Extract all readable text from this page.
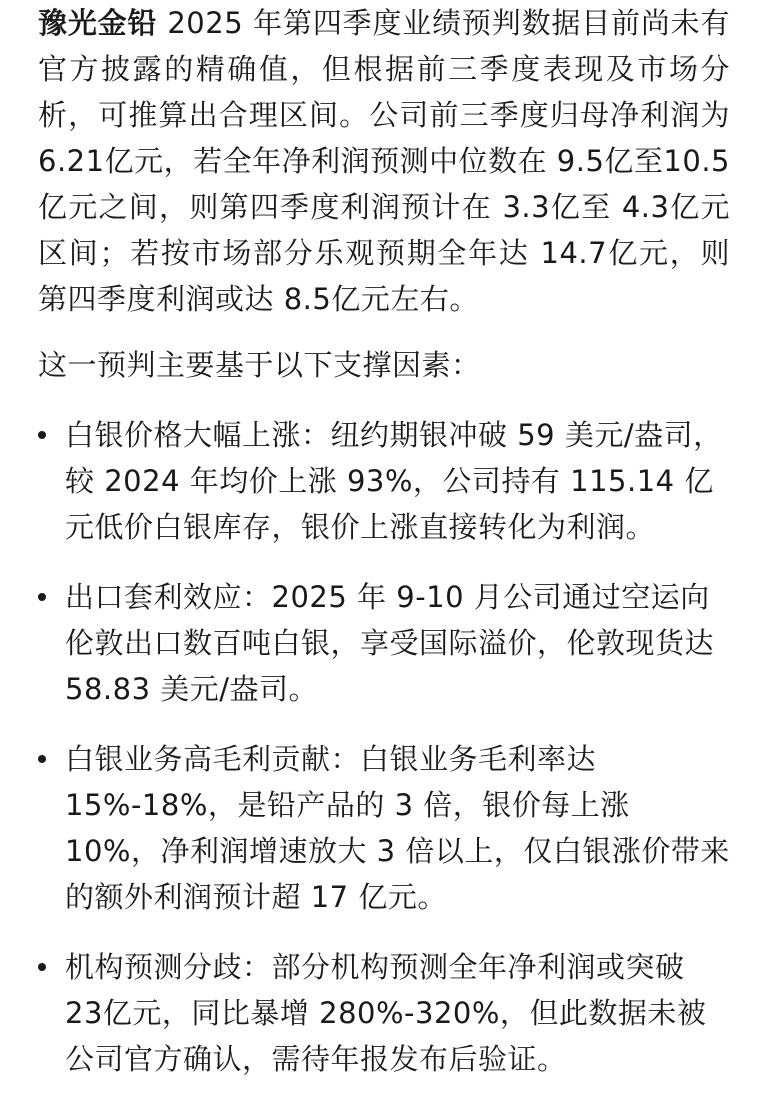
豫光金铅 2025 年第四季度业绩预判数据目前尚未有官方披露的精确值，但根据前三季度表现及市场分析，可推算出合理区间。公司前三季度归母净利润为 6.21亿元，若全年净利润预测中位数在 9.5亿至10.5亿元之间，则第四季度利润预计在 3.3亿至 4.3亿元区间；若按市场部分乐观预期全年达 14.7亿元，则第四季度利润或达 8.5亿元左右。

这一预判主要基于以下支撑因素：

白银价格大幅上涨：纽约期银冲破 59 美元/盎司，较 2024 年均价上涨 93%，公司持有 115.14 亿元低价白银库存，银价上涨直接转化为利润。
出口套利效应：2025 年 9-10 月公司通过空运向伦敦出口数百吨白银，享受国际溢价，伦敦现货达 58.83 美元/盎司。
白银业务高毛利贡献：白银业务毛利率达 15%-18%，是铅产品的 3 倍，银价每上涨 10%，净利润增速放大 3 倍以上，仅白银涨价带来的额外利润预计超 17 亿元。
机构预测分歧：部分机构预测全年净利润或突破 23亿元，同比暴增 280%-320%，但此数据未被公司官方确认，需待年报发布后验证。
